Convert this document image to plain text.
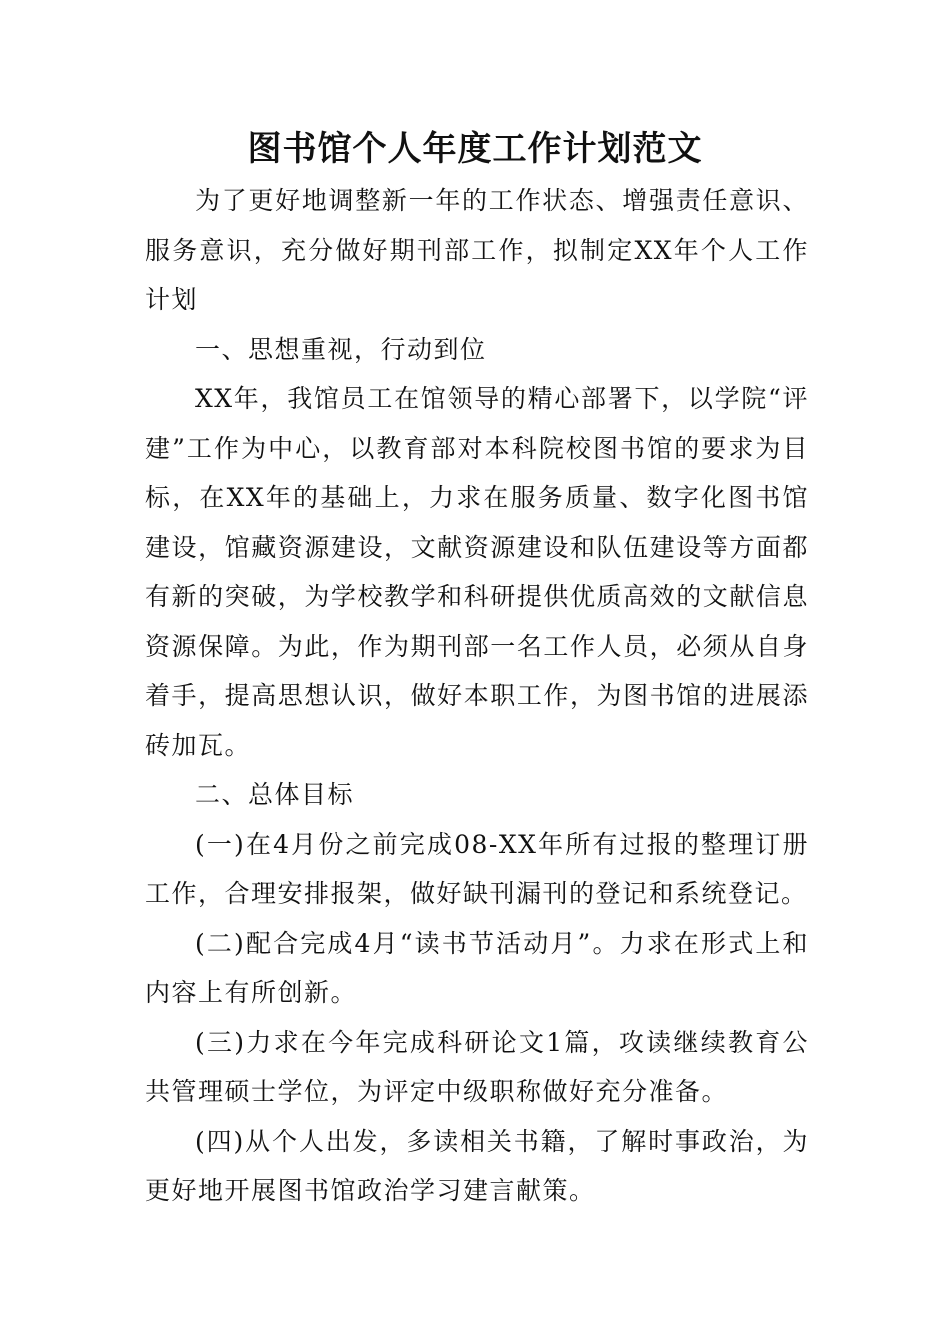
图书馆个人年度工作计划范文

为了更好地调整新一年的工作状态、增强责任意识、服务意识，充分做好期刊部工作，拟制定XX年个人工作计划

一、思想重视，行动到位

XX年，我馆员工在馆领导的精心部署下，以学院“评建”工作为中心，以教育部对本科院校图书馆的要求为目标，在XX年的基础上，力求在服务质量、数字化图书馆建设，馆藏资源建设，文献资源建设和队伍建设等方面都有新的突破，为学校教学和科研提供优质高效的文献信息资源保障。为此，作为期刊部一名工作人员，必须从自身着手，提高思想认识，做好本职工作，为图书馆的进展添砖加瓦。

二、总体目标

(一)在4月份之前完成08-XX年所有过报的整理订册工作，合理安排报架，做好缺刊漏刊的登记和系统登记。

(二)配合完成4月“读书节活动月”。力求在形式上和内容上有所创新。

(三)力求在今年完成科研论文1篇，攻读继续教育公共管理硕士学位，为评定中级职称做好充分准备。

(四)从个人出发，多读相关书籍，了解时事政治，为更好地开展图书馆政治学习建言献策。
